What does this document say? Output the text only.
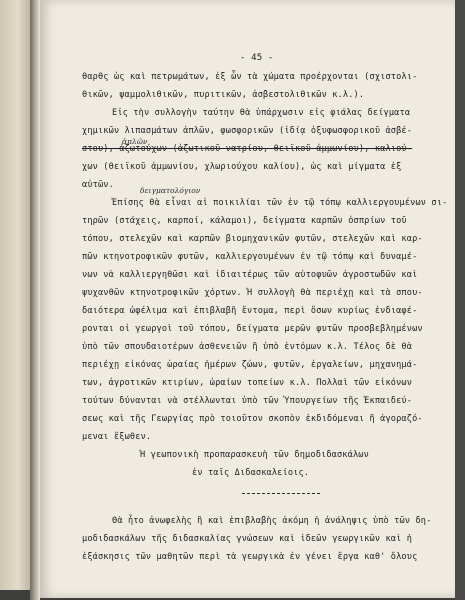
- 45 -
θαρθς ὡς καὶ πετρωμάτων, ἐξ ὧν τὰ χώματα προέρχονται (σχιστολι-
θικῶν, ψαμμολιθικῶν, πυριτικῶν, ἀσβεστολιθικῶν κ.λ.).
Εἰς τὴν συλλογὴν ταύτην θὰ ὑπάρχωσιν εἰς φιάλας δείγματα
χημικῶν λιπασμάτων ἁπλῶν, φωσφορικῶν (ἰδίᾳ ὀξυφωσφορικοῦ ἀσβέ-
στου), ἀζωτούχων (ἀζωτικοῦ νατρίου, θειϊκοῦ ἀμμωνίου), καλιού-
χων (θειϊκοῦ ἀμμωνίου, χλωριούχου καλίου), ὡς καὶ μίγματα ἐξ
αὐτῶν.
Ἐπίσης θὰ εἶναι αἱ ποικιλίαι τῶν ἐν τῷ τόπῳ καλλιεργουμένων σι-
τηρῶν (στάχεις, καρποί, κάλαμοι), δείγματα καρπῶν ὀσπρίων τοῦ
τόπου, στελεχῶν καὶ καρπῶν βιομηχανικῶν φυτῶν, στελεχῶν καὶ καρ-
πῶν κτηνοτροφικῶν φυτῶν, καλλιεργουμένων ἐν τῷ τόπῳ καὶ δυναμέ-
νων νὰ καλλιεργηθῶσι καὶ ἰδιαιτέρως τῶν αὐτοφυῶν ἀγροστωδῶν καὶ
ψυχανθῶν κτηνοτροφικῶν χόρτων. Ἡ συλλογὴ θὰ περιέχῃ καὶ τὰ σπου-
δαιότερα ὠφέλιμα καὶ ἐπιβλαβῆ ἔντομα, περὶ ὅσων κυρίως ἐνδιαφέ-
ρονται οἱ γεωργοὶ τοῦ τόπου, δείγματα μερῶν φυτῶν προσβεβλημένων
ὑπὸ τῶν σπουδαιοτέρων ἀσθενειῶν ἢ ὑπὸ ἐντόμων κ.λ. Τέλος δὲ θὰ
περιέχῃ εἰκόνας ὡραίας ἡμέρων ζώων, φυτῶν, ἐργαλείων, μηχανημά-
των, ἀγροτικῶν κτιρίων, ὡραίων τοπείων κ.λ. Πολλαὶ τῶν εἰκόνων
τούτων δύνανται νὰ στέλλωνται ὑπὸ τῶν Ὑπουργείων τῆς Ἐκπαιδεύ-
σεως καὶ τῆς Γεωργίας πρὸ τοιοῦτον σκοπὸν ἐκδιδόμεναι ἢ ἀγοραζό-
μεναι ἔξωθεν.
Ἡ γεωπονικὴ προπαρασκευὴ τῶν δημοδιδασκάλων
ἐν ταῖς Διδασκαλείοις.
Θὰ ἦτο ἀνωφελὴς ἢ καὶ ἐπιβλαβὴς ἀκόμη ἡ ἀνάληψις ὑπὸ τῶν δη-
μοδιδασκάλων τῆς διδασκαλίας γνώσεων καὶ ἰδεῶν γεωργικῶν καὶ ἡ
ἐξάσκησις τῶν μαθητῶν περὶ τὰ γεωργικὰ ἐν γένει ἔργα καθ' ὅλους
ἁπλῶν
δειγματολόγιον
